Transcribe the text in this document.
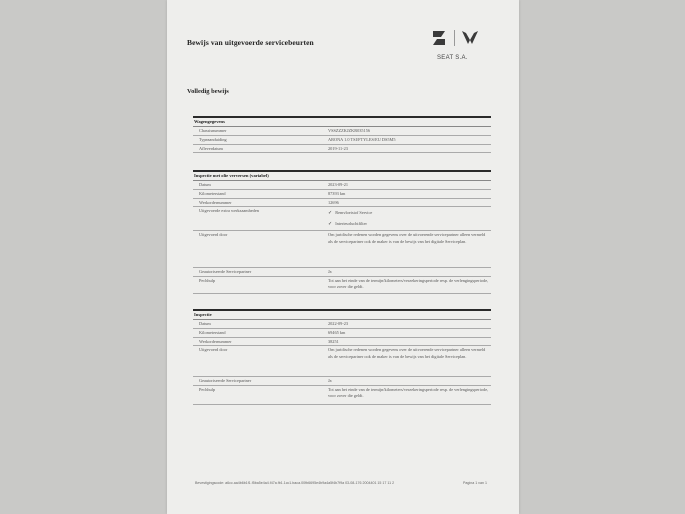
Bewijs van uitgevoerde servicebeurten
SEAT S.A.
Volledig bewijs
Wagengegevens
Chassisnummer	VSSZZZKJZKR035156
Typeaanduiding	ARONA 1.0 TSI/FTYLES/EU DS5M5
Afleverdatum	2019-11-23
Inspectie met olie verversen (variabel)
Datum	2023-09-21
Kilometerstand	87393 km
Werkordernummer	12696
Uitgevoerde extra werkzaamheden
✓ Remvloeistof Service
✓ Interieurluchtfilter
Uitgevoerd door	Om juridische redenen worden gegevens over de uitvoerende servicepartner alleen vermeld als de servicepartner ook de maker is van de bewijs van het digitale Serviceplan.
Geautoriseerde Servicepartner	Ja
Pechhulp	Tot aan het einde van de termijn/kilometers/verzekeringsperiode resp. de verlengingsperiode, voor zover die geldt.
Inspectie
Datum	2022-09-23
Kilometerstand	69465 km
Werkordernummer	38251
Uitgevoerd door	Om juridische redenen worden gegevens over de uitvoerende servicepartner alleen vermeld als de servicepartner ook de maker is van de bewijs van het digitale Serviceplan.
Geautoriseerde Servicepartner	Ja
Pechhulp	Tot aan het einde van de termijn/kilometers/verzekeringsperiode resp. de verlengingsperiode, voor zover die geldt.
Bevestigingscode: a6cc.aa4b6b1f1.f5ba5e4a4.f47a.fb1.1cc1.baca.00fb6695e4b9a4a5f4b7f9a 03-08-176 2004401 15 17 11 2	Pagina 1 van 1
